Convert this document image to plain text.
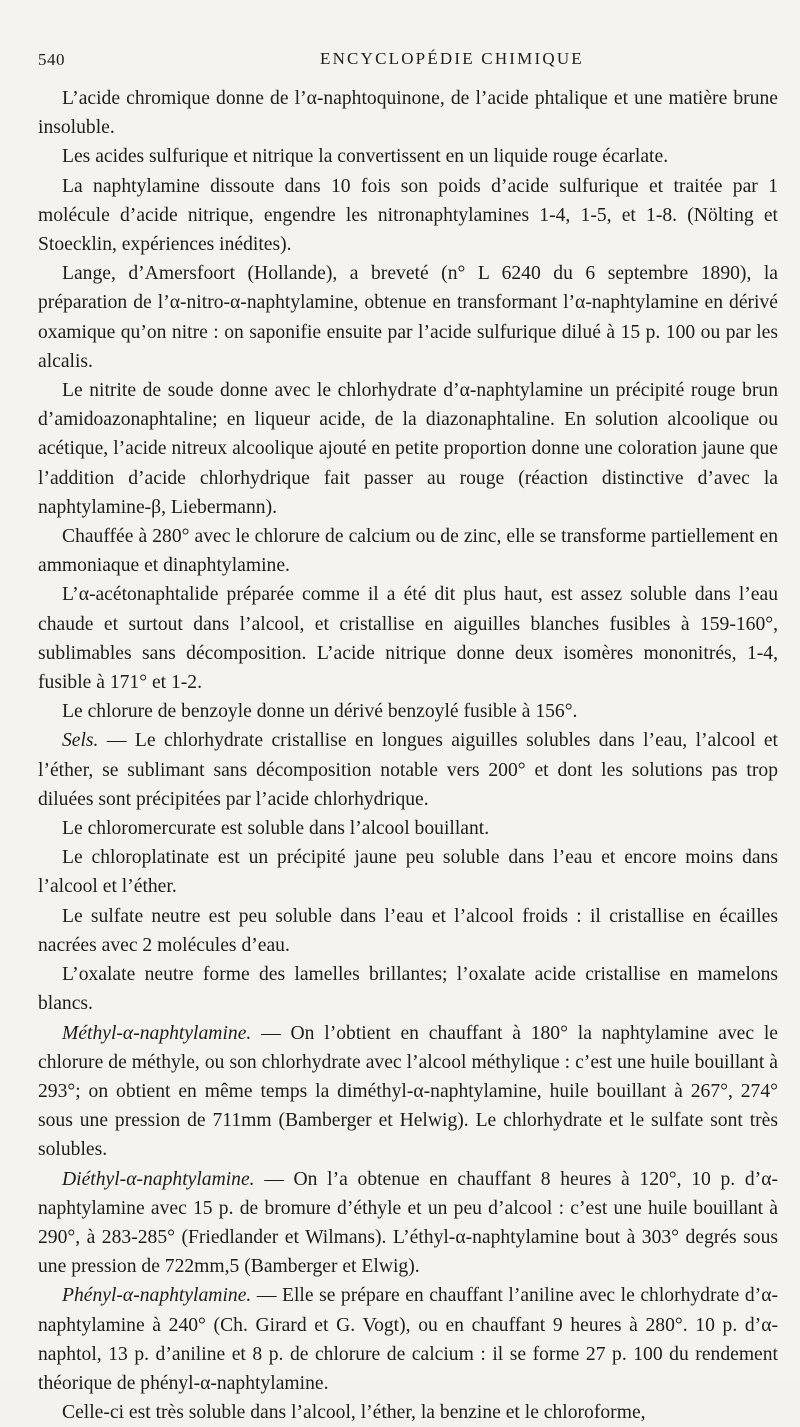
540	ENCYCLOPÉDIE CHIMIQUE

L’acide chromique donne de l’α-naphtoquinone, de l’acide phtalique et une matière brune insoluble.

Les acides sulfurique et nitrique la convertissent en un liquide rouge écarlate.

La naphtylamine dissoute dans 10 fois son poids d’acide sulfurique et traitée par 1 molécule d’acide nitrique, engendre les nitronaphtylamines 1-4, 1-5, et 1-8. (Nölting et Stoecklin, expériences inédites).

Lange, d’Amersfoort (Hollande), a breveté (n° L 6240 du 6 septembre 1890), la préparation de l’α-nitro-α-naphtylamine, obtenue en transformant l’α-naphtylamine en dérivé oxamique qu’on nitre : on saponifie ensuite par l’acide sulfurique dilué à 15 p. 100 ou par les alcalis.

Le nitrite de soude donne avec le chlorhydrate d’α-naphtylamine un précipité rouge brun d’amidoazonaphtaline; en liqueur acide, de la diazonaphtaline. En solution alcoolique ou acétique, l’acide nitreux alcoolique ajouté en petite proportion donne une coloration jaune que l’addition d’acide chlorhydrique fait passer au rouge (réaction distinctive d’avec la naphtylamine-β, Liebermann).

Chauffée à 280° avec le chlorure de calcium ou de zinc, elle se transforme partiellement en ammoniaque et dinaphtylamine.

L’α-acétonaphtalide préparée comme il a été dit plus haut, est assez soluble dans l’eau chaude et surtout dans l’alcool, et cristallise en aiguilles blanches fusibles à 159-160°, sublimables sans décomposition. L’acide nitrique donne deux isomères mononitrés, 1-4, fusible à 171° et 1-2.

Le chlorure de benzoyle donne un dérivé benzoylé fusible à 156°.

Sels. — Le chlorhydrate cristallise en longues aiguilles solubles dans l’eau, l’alcool et l’éther, se sublimant sans décomposition notable vers 200° et dont les solutions pas trop diluées sont précipitées par l’acide chlorhydrique.

Le chloromercurate est soluble dans l’alcool bouillant.

Le chloroplatinate est un précipité jaune peu soluble dans l’eau et encore moins dans l’alcool et l’éther.

Le sulfate neutre est peu soluble dans l’eau et l’alcool froids : il cristallise en écailles nacrées avec 2 molécules d’eau.

L’oxalate neutre forme des lamelles brillantes; l’oxalate acide cristallise en mamelons blancs.

Méthyl-α-naphtylamine. — On l’obtient en chauffant à 180° la naphtylamine avec le chlorure de méthyle, ou son chlorhydrate avec l’alcool méthylique : c’est une huile bouillant à 293°; on obtient en même temps la diméthyl-α-naphtylamine, huile bouillant à 267°, 274° sous une pression de 711mm (Bamberger et Helwig). Le chlorhydrate et le sulfate sont très solubles.

Diéthyl-α-naphtylamine. — On l’a obtenue en chauffant 8 heures à 120°, 10 p. d’α-naphtylamine avec 15 p. de bromure d’éthyle et un peu d’alcool : c’est une huile bouillant à 290°, à 283-285° (Friedlander et Wilmans). L’éthyl-α-naphtylamine bout à 303° degrés sous une pression de 722mm,5 (Bamberger et Elwig).

Phényl-α-naphtylamine. — Elle se prépare en chauffant l’aniline avec le chlorhydrate d’α-naphtylamine à 240° (Ch. Girard et G. Vogt), ou en chauffant 9 heures à 280°. 10 p. d’α-naphtol, 13 p. d’aniline et 8 p. de chlorure de calcium : il se forme 27 p. 100 du rendement théorique de phényl-α-naphtylamine.

Celle-ci est très soluble dans l’alcool, l’éther, la benzine et le chloroforme,
